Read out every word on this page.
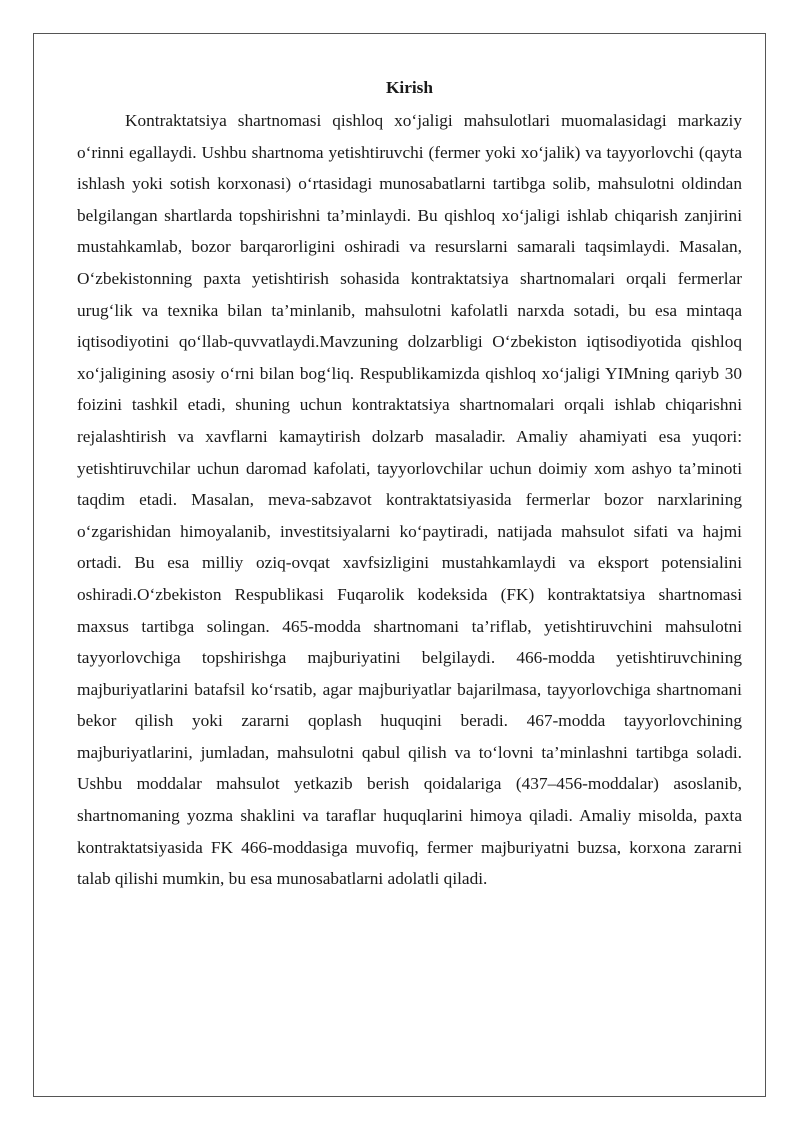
Kirish

Kontraktatsiya shartnomasi qishloq xo‘jaligi mahsulotlari muomalasidagi markaziy o‘rinni egallaydi. Ushbu shartnoma yetishtiruvchi (fermer yoki xo‘jalik) va tayyorlovchi (qayta ishlash yoki sotish korxonasi) o‘rtasidagi munosabatlarni tartibga solib, mahsulotni oldindan belgilangan shartlarda topshirishni ta’minlaydi. Bu qishloq xo‘jaligi ishlab chiqarish zanjirini mustahkamlab, bozor barqarorligini oshiradi va resurslarni samarali taqsimlaydi. Masalan, O‘zbekistonning paxta yetishtirish sohasida kontraktatsiya shartnomalari orqali fermerlar urug‘lik va texnika bilan ta’minlanib, mahsulotni kafolatli narxda sotadi, bu esa mintaqa iqtisodiyotini qo‘llab-quvvatlaydi.Mavzuning dolzarbligi O‘zbekiston iqtisodiyotida qishloq xo‘jaligining asosiy o‘rni bilan bog‘liq. Respublikamizda qishloq xo‘jaligi YIMning qariyb 30 foizini tashkil etadi, shuning uchun kontraktatsiya shartnomalari orqali ishlab chiqarishni rejalashtirish va xavflarni kamaytirish dolzarb masaladir. Amaliy ahamiyati esa yuqori: yetishtiruvchilar uchun daromad kafolati, tayyorlovchilar uchun doimiy xom ashyo ta’minoti taqdim etadi. Masalan, meva-sabzavot kontraktatsiyasida fermerlar bozor narxlarining o‘zgarishidan himoyalanib, investitsiyalarni ko‘paytiradi, natijada mahsulot sifati va hajmi ortadi. Bu esa milliy oziq-ovqat xavfsizligini mustahkamlaydi va eksport potensialini oshiradi.O‘zbekiston Respublikasi Fuqarolik kodeksida (FK) kontraktatsiya shartnomasi maxsus tartibga solingan. 465-modda shartnomani ta’riflab, yetishtiruvchini mahsulotni tayyorlovchiga topshirishga majburiyatini belgilaydi. 466-modda yetishtiruvchining majburiyatlarini batafsil ko‘rsatib, agar majburiyatlar bajarilmasa, tayyorlovchiga shartnomani bekor qilish yoki zararni qoplash huquqini beradi. 467-modda tayyorlovchining majburiyatlarini, jumladan, mahsulotni qabul qilish va to‘lovni ta’minlashni tartibga soladi. Ushbu moddalar mahsulot yetkazib berish qoidalariga (437–456-moddalar) asoslanib, shartnomaning yozma shaklini va taraflar huquqlarini himoya qiladi. Amaliy misolda, paxta kontraktatsiyasida FK 466-moddasiga muvofiq, fermer majburiyatni buzsa, korxona zararni talab qilishi mumkin, bu esa munosabatlarni adolatli qiladi.
